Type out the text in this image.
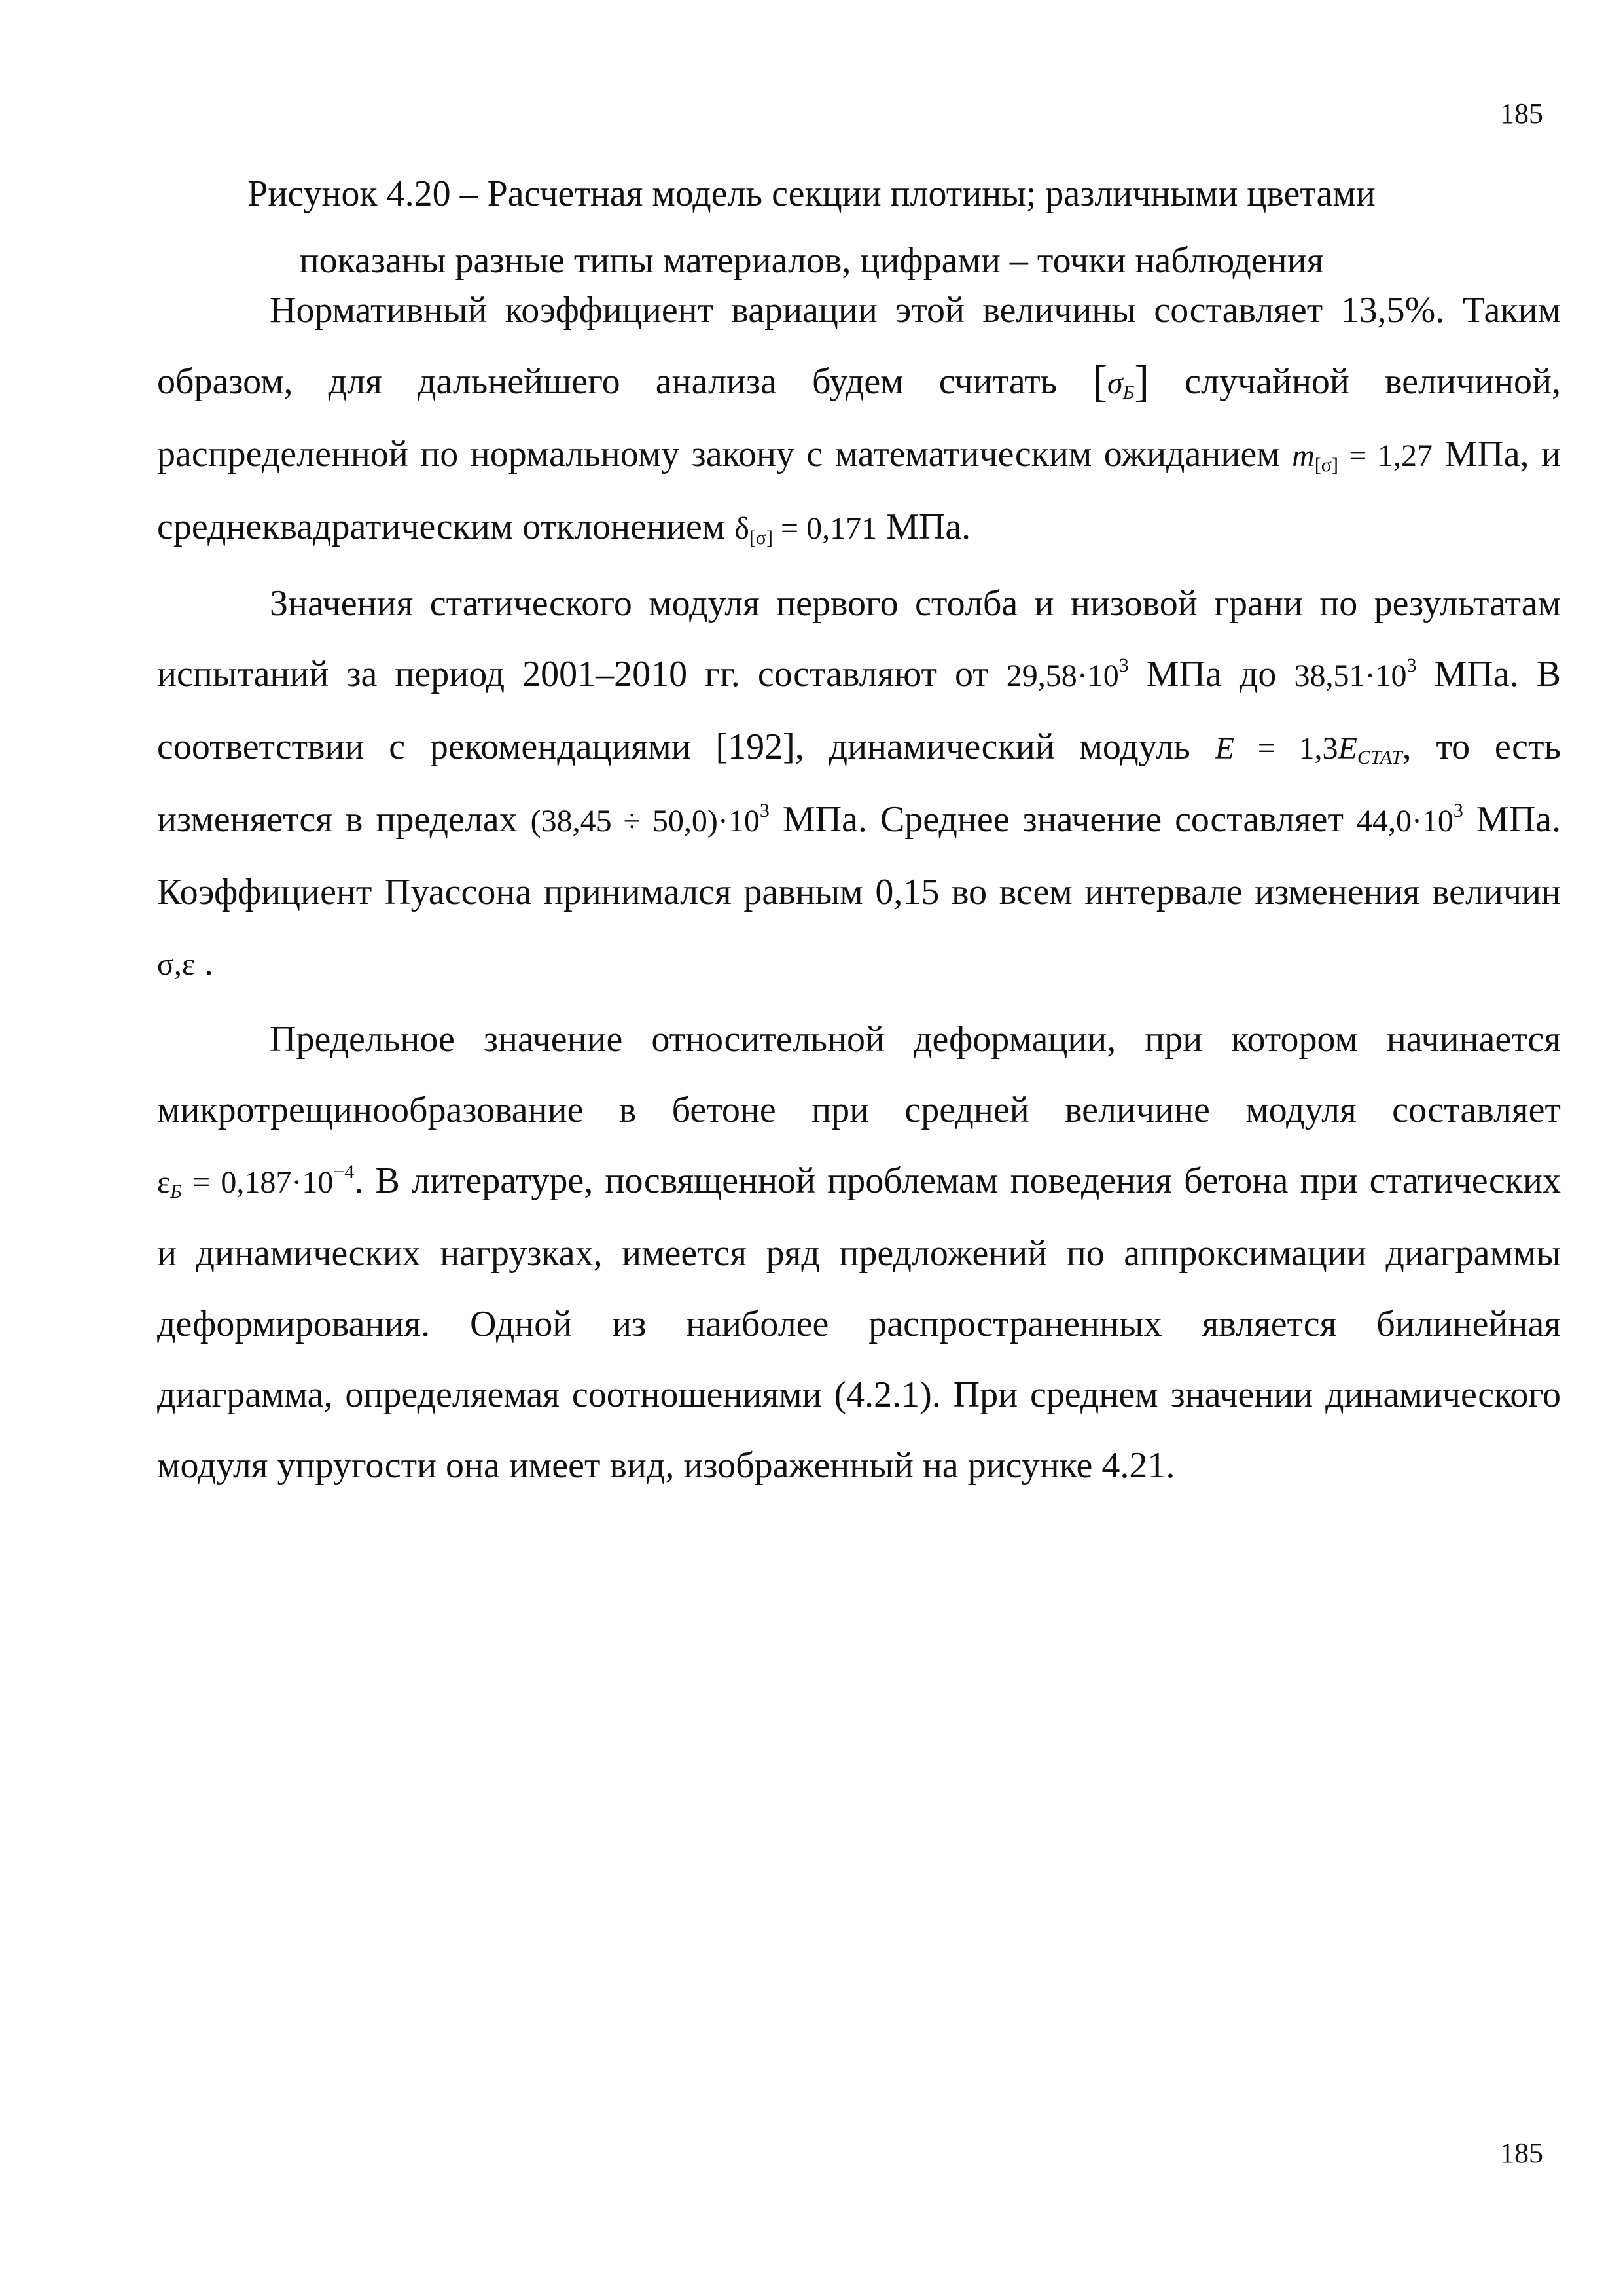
185
Рисунок 4.20 – Расчетная модель секции плотины; различными цветами
показаны разные типы материалов, цифрами – точки наблюдения

Нормативный коэффициент вариации этой величины составляет 13,5%. Таким образом, для дальнейшего анализа будем считать $[\sigma_Б]$ случайной величиной, распределенной по нормальному закону с математическим ожиданием $m_{[\sigma]} = 1,27$ МПа, и среднеквадратическим отклонением $\delta_{[\sigma]} = 0,171$ МПа.

Значения статического модуля первого столба и низовой грани по результатам испытаний за период 2001–2010 гг. составляют от $29,58\cdot 10^3$ МПа до $38,51\cdot 10^3$ МПа. В соответствии с рекомендациями [192], динамический модуль $E = 1,3E_{СТАТ}$, то есть изменяется в пределах $(38,45 \div 50,0)\cdot 10^3$ МПа. Среднее значение составляет $44,0\cdot 10^3$ МПа. Коэффициент Пуассона принимался равным 0,15 во всем интервале изменения величин σ,ε .

Предельное значение относительной деформации, при котором начинается микротрещинообразование в бетоне при средней величине модуля составляет $\varepsilon_Б = 0,187\cdot 10^{-4}$. В литературе, посвященной проблемам поведения бетона при статических и динамических нагрузках, имеется ряд предложений по аппроксимации диаграммы деформирования. Одной из наиболее распространенных является билинейная диаграмма, определяемая соотношениями (4.2.1). При среднем значении динамического модуля упругости она имеет вид, изображенный на рисунке 4.21.

185
